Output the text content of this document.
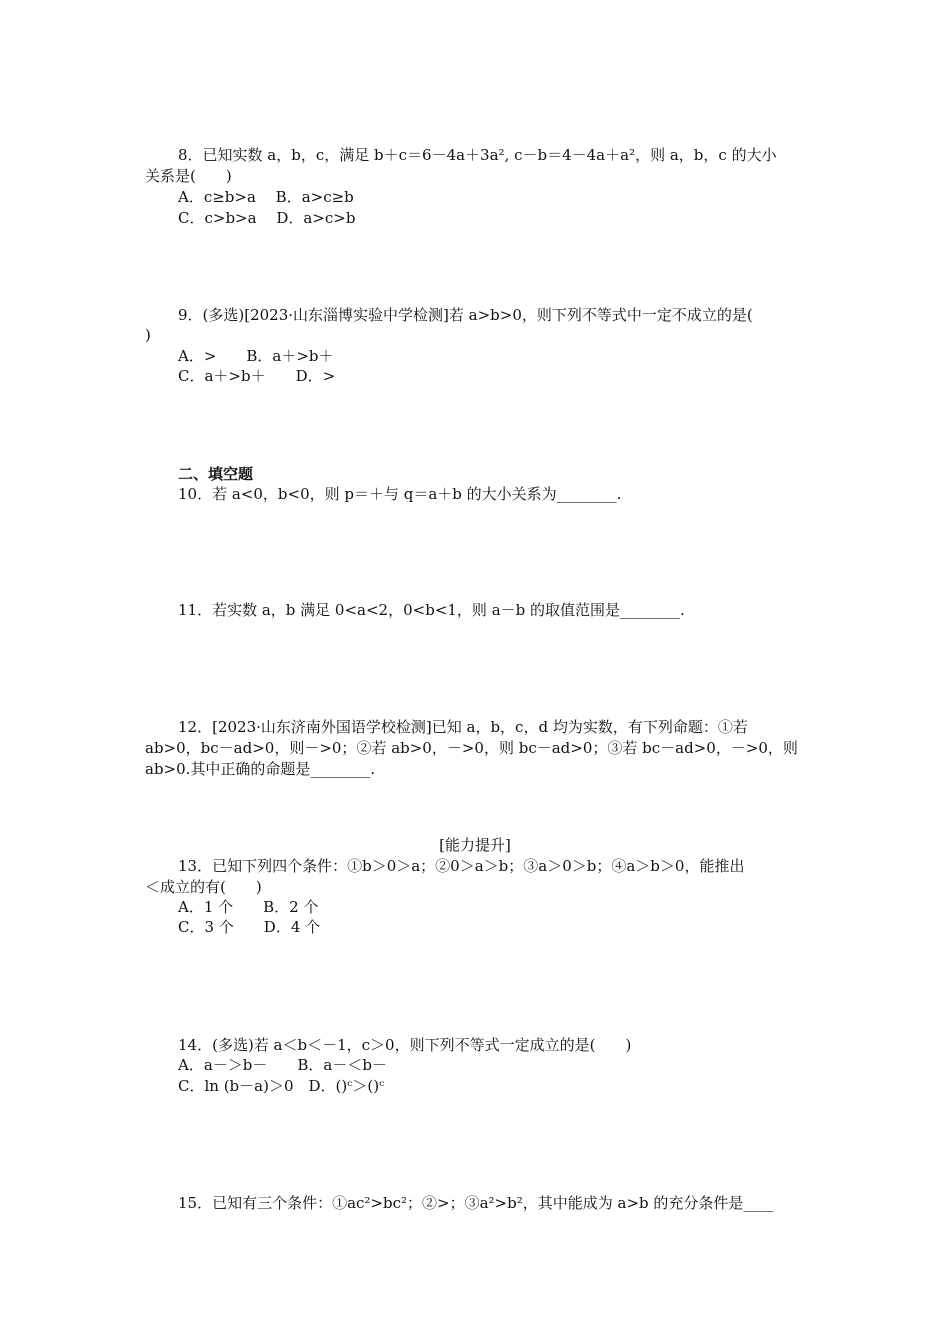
8．已知实数 a，b，c，满足 b＋c＝6－4a＋3a², c－b＝4－4a＋a²，则 a，b，c 的大小
关系是(　　)
A．c≥b>a　 B．a>c≥b
C．c>b>a　 D．a>c>b
9．(多选)[2023·山东淄博实验中学检测]若 a>b>0，则下列不等式中一定不成立的是(
)
A．>　　B．a＋>b＋
C．a＋>b＋　　D．>
二、填空题
10．若 a<0，b<0，则 p＝＋与 q＝a＋b 的大小关系为________.
11．若实数 a，b 满足 0<a<2，0<b<1，则 a－b 的取值范围是________.
12．[2023·山东济南外国语学校检测]已知 a，b，c，d 均为实数，有下列命题：①若
ab>0，bc－ad>0，则－>0；②若 ab>0，－>0，则 bc－ad>0；③若 bc－ad>0，－>0，则
ab>0.其中正确的命题是________.
[能力提升]
13．已知下列四个条件：①b＞0＞a；②0＞a＞b；③a＞0＞b；④a＞b＞0，能推出
＜成立的有(　　)
A．1 个　　B．2 个
C．3 个　　D．4 个
14．(多选)若 a＜b＜－1，c＞0，则下列不等式一定成立的是(　　)
A．a－＞b－　　B．a－＜b－
C．ln (b－a)＞0　D．()ᶜ＞()ᶜ
15．已知有三个条件：①ac²>bc²；②>；③a²>b²，其中能成为 a>b 的充分条件是____
